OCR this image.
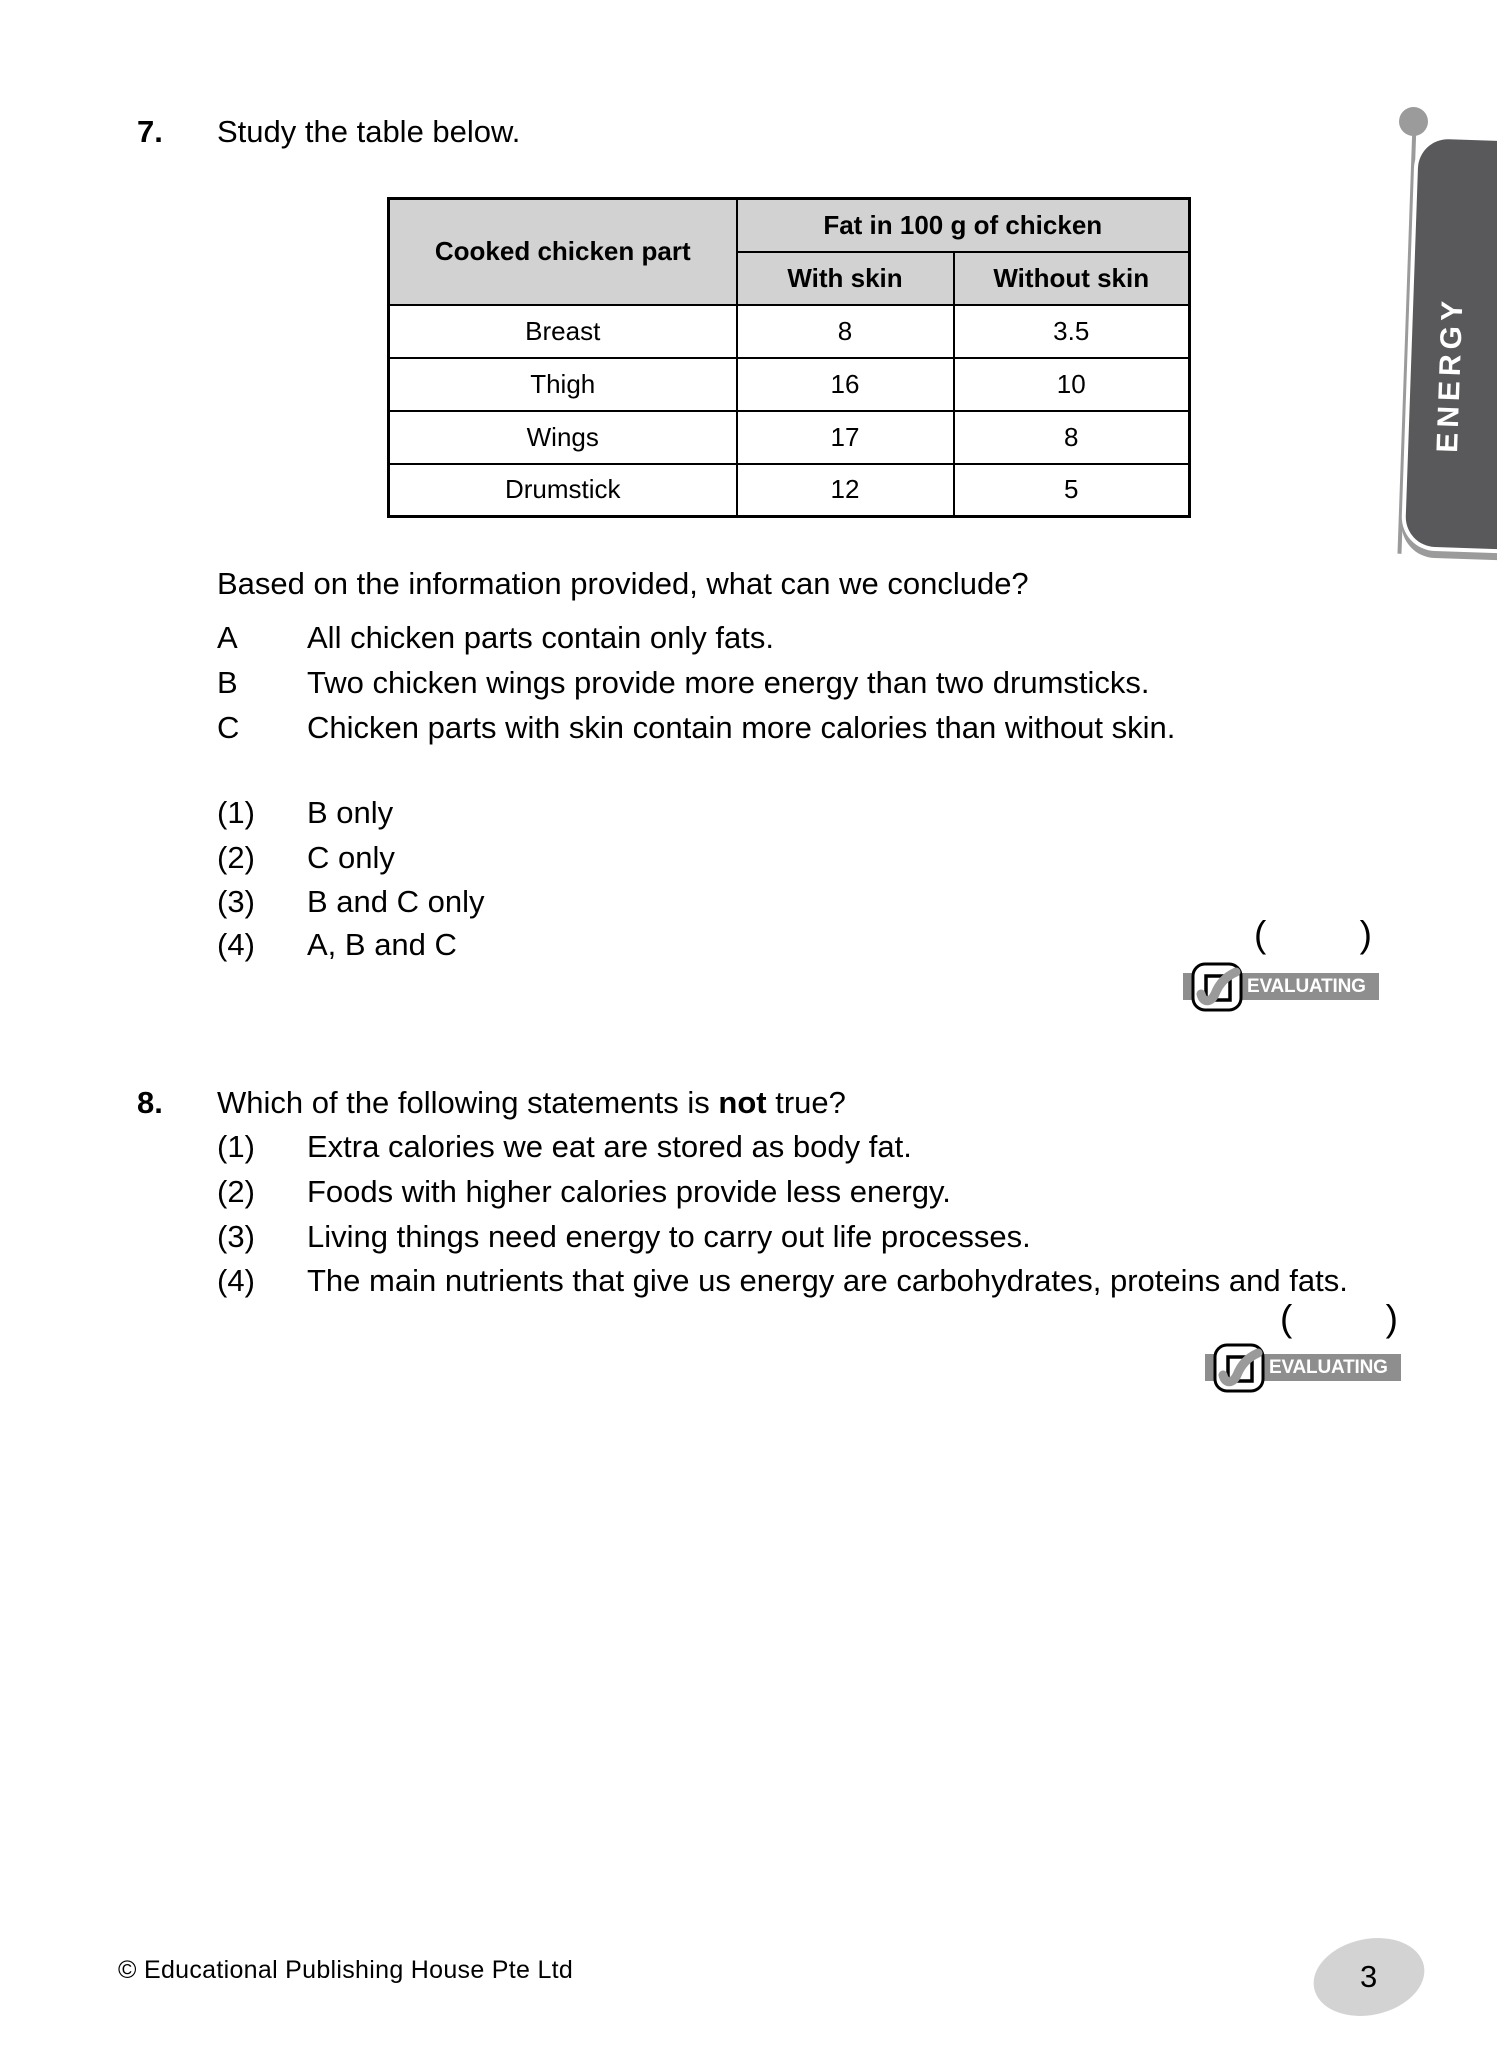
ENERGY
7.	Study the table below.
Cooked chicken part	Fat in 100 g of chicken	
	With skin	Without skin
Breast	8	3.5
Thigh	16	10
Wings	17	8
Drumstick	12	5
Based on the information provided, what can we conclude?
A	All chicken parts contain only fats.
B	Two chicken wings provide more energy than two drumsticks.
C	Chicken parts with skin contain more calories than without skin.
(1)	B only
(2)	C only
(3)	B and C only
(4)	A, B and C	(	)
EVALUATING
8.	Which of the following statements is not true?
(1)	Extra calories we eat are stored as body fat.
(2)	Foods with higher calories provide less energy.
(3)	Living things need energy to carry out life processes.
(4)	The main nutrients that give us energy are carbohydrates, proteins and fats.
(	)
EVALUATING
© Educational Publishing House Pte Ltd	3
